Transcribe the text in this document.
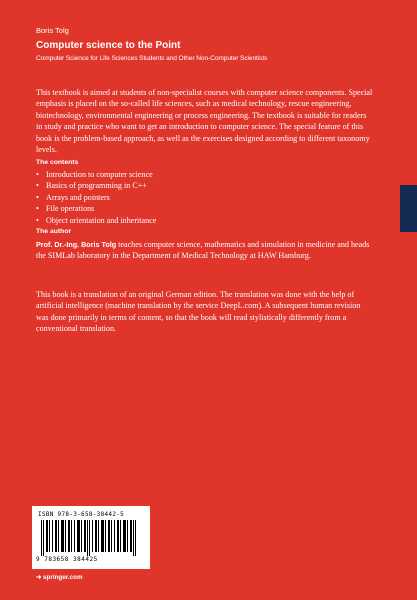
Boris Tolg
Computer science to the Point
Computer Science for Life Sciences Students and Other Non-Computer Scientists
This textbook is aimed at students of non-specialist courses with computer science components. Special emphasis is placed on the so-called life sciences, such as medical technology, rescue engineering, biotechnology, environmental engineering or process engineering. The textbook is suitable for readers in study and practice who want to get an introduction to computer science. The special feature of this book is the problem-based approach, as well as the exercises designed according to different taxonomy levels.
The contents
• Introduction to computer science
• Basics of programming in C++
• Arrays and pointers
• File operations
• Object orientation and inheritance
The author
Prof. Dr.-Ing. Boris Tolg teaches computer science, mathematics and simulation in medicine and heads the SIMLab laboratory in the Department of Medical Technology at HAW Hamburg.
This book is a translation of an original German edition. The translation was done with the help of artificial intelligence (machine translation by the service DeepL.com). A subsequent human revision was done primarily in terms of content, so that the book will read stylistically differently from a conventional translation.
ISBN 978-3-658-38442-5
9 783658 384425
➜ springer.com
